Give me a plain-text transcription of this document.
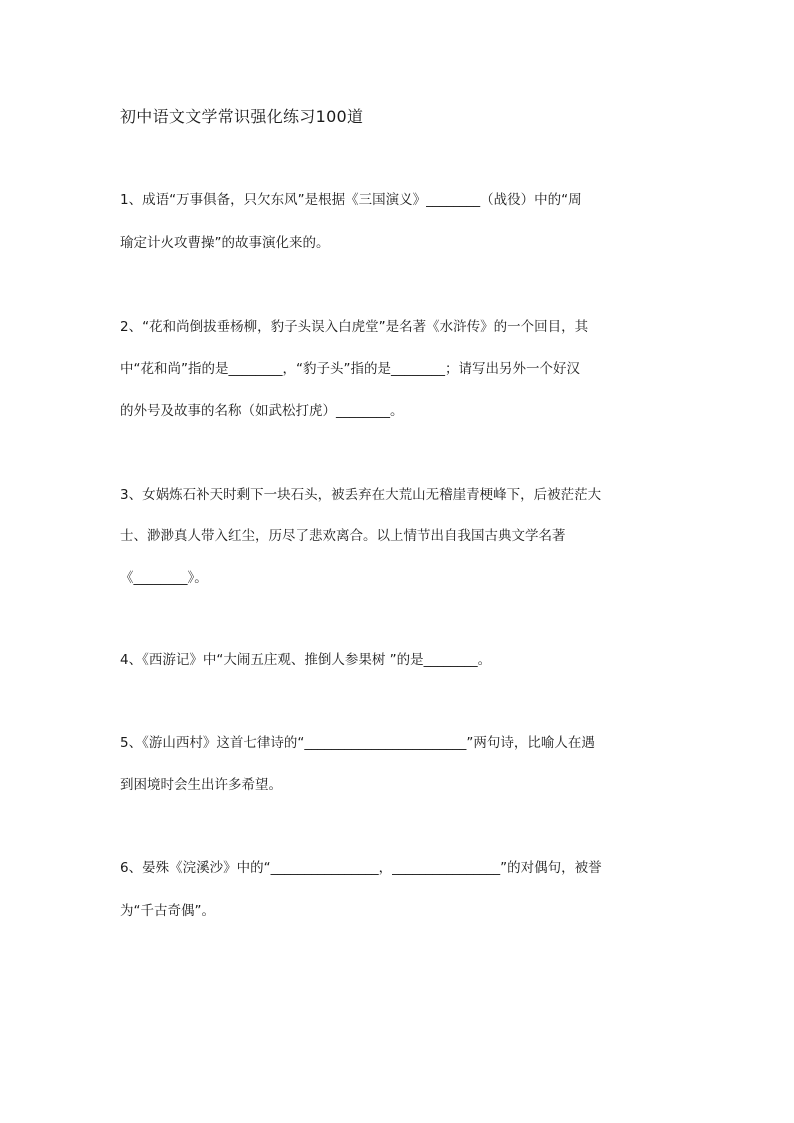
初中语文文学常识强化练习100道
1、成语“万事俱备，只欠东风”是根据《三国演义》________（战役）中的“周
瑜定计火攻曹操”的故事演化来的。
2、“花和尚倒拔垂杨柳，豹子头误入白虎堂”是名著《水浒传》的一个回目，其
中“花和尚”指的是________，“豹子头”指的是________；请写出另外一个好汉
的外号及故事的名称（如武松打虎）________。
3、女娲炼石补天时剩下一块石头，被丢弃在大荒山无稽崖青梗峰下，后被茫茫大
士、渺渺真人带入红尘，历尽了悲欢离合。以上情节出自我国古典文学名著
《________》。
4、《西游记》中“大闹五庄观、推倒人参果树 ”的是________。
5、《游山西村》这首七律诗的“________________________”两句诗，比喻人在遇
到困境时会生出许多希望。
6、晏殊《浣溪沙》中的“________________，________________”的对偶句，被誉
为“千古奇偶”。
